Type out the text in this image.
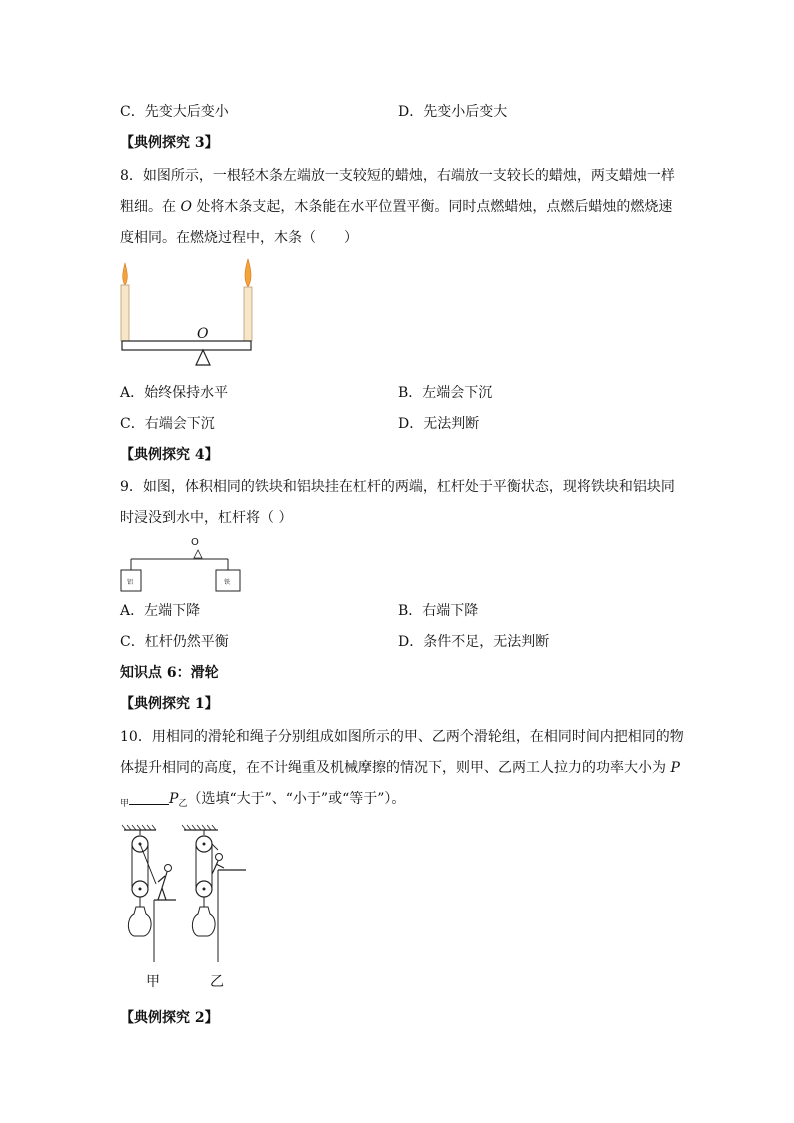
C．先变大后变小	D．先变小后变大
【典例探究 3】
8．如图所示，一根轻木条左端放一支较短的蜡烛，右端放一支较长的蜡烛，两支蜡烛一样
粗细。在 O 处将木条支起，木条能在水平位置平衡。同时点燃蜡烛，点燃后蜡烛的燃烧速
度相同。在燃烧过程中，木条（　　）
O
A．始终保持水平	B．左端会下沉
C．右端会下沉	D．无法判断
【典例探究 4】
9．如图，体积相同的铁块和铝块挂在杠杆的两端，杠杆处于平衡状态，现将铁块和铝块同
时浸没到水中，杠杆将（ ）
O
铝	铁
A．左端下降	B．右端下降
C．杠杆仍然平衡	D．条件不足，无法判断
知识点 6：滑轮
【典例探究 1】
10．用相同的滑轮和绳子分别组成如图所示的甲、乙两个滑轮组，在相同时间内把相同的物
体提升相同的高度，在不计绳重及机械摩擦的情况下，则甲、乙两工人拉力的功率大小为 P
$_甲$	$P_乙$（选填“大于”、“小于”或“等于”）。
甲	乙
【典例探究 2】
